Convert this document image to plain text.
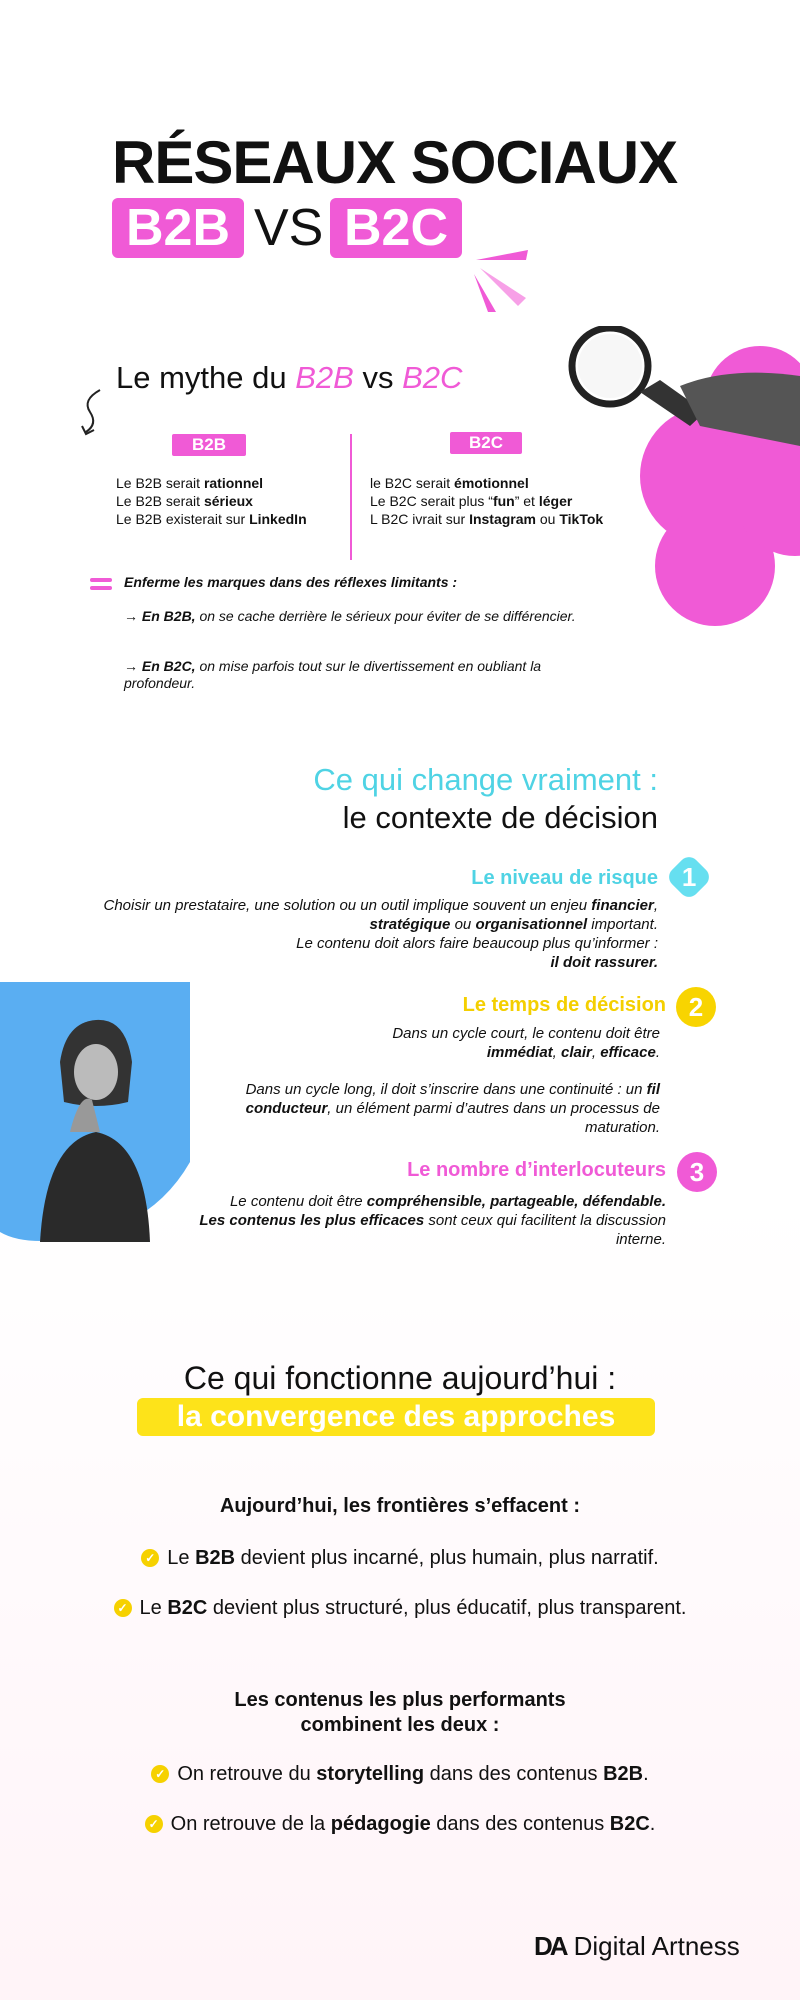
RÉSEAUX SOCIAUX
B2B VS B2C
Le mythe du B2B vs B2C
B2B	B2C
Le B2B serait rationnel
Le B2B serait sérieux
Le B2B existerait sur LinkedIn
le B2C serait émotionnel
Le B2C serait plus “fun” et léger
L B2C ivrait sur Instagram ou TikTok
Enferme les marques dans des réflexes limitants :

→ En B2B, on se cache derrière le sérieux pour éviter de se différencier.

→ En B2C, on mise parfois tout sur le divertissement en oubliant la profondeur.

Ce qui change vraiment :
le contexte de décision
Le niveau de risque 1

Choisir un prestataire, une solution ou un outil implique souvent un enjeu financier, stratégique ou organisationnel important.
Le contenu doit alors faire beaucoup plus qu’informer :
il doit rassurer.

Le temps de décision 2

Dans un cycle court, le contenu doit être
immédiat, clair, efficace.

Dans un cycle long, il doit s’inscrire dans une continuité : un fil conducteur, un élément parmi d’autres dans un processus de maturation.

Le nombre d’interlocuteurs 3

Le contenu doit être compréhensible, partageable, défendable.
Les contenus les plus efficaces sont ceux qui facilitent la discussion interne.

Ce qui fonctionne aujourd’hui :
la convergence des approches
Aujourd’hui, les frontières s’effacent :
✓ Le B2B devient plus incarné, plus humain, plus narratif.
✓ Le B2C devient plus structuré, plus éducatif, plus transparent.
Les contenus les plus performants
combinent les deux :
✓ On retrouve du storytelling dans des contenus B2B.
✓ On retrouve de la pédagogie dans des contenus B2C.
DA Digital Artness
